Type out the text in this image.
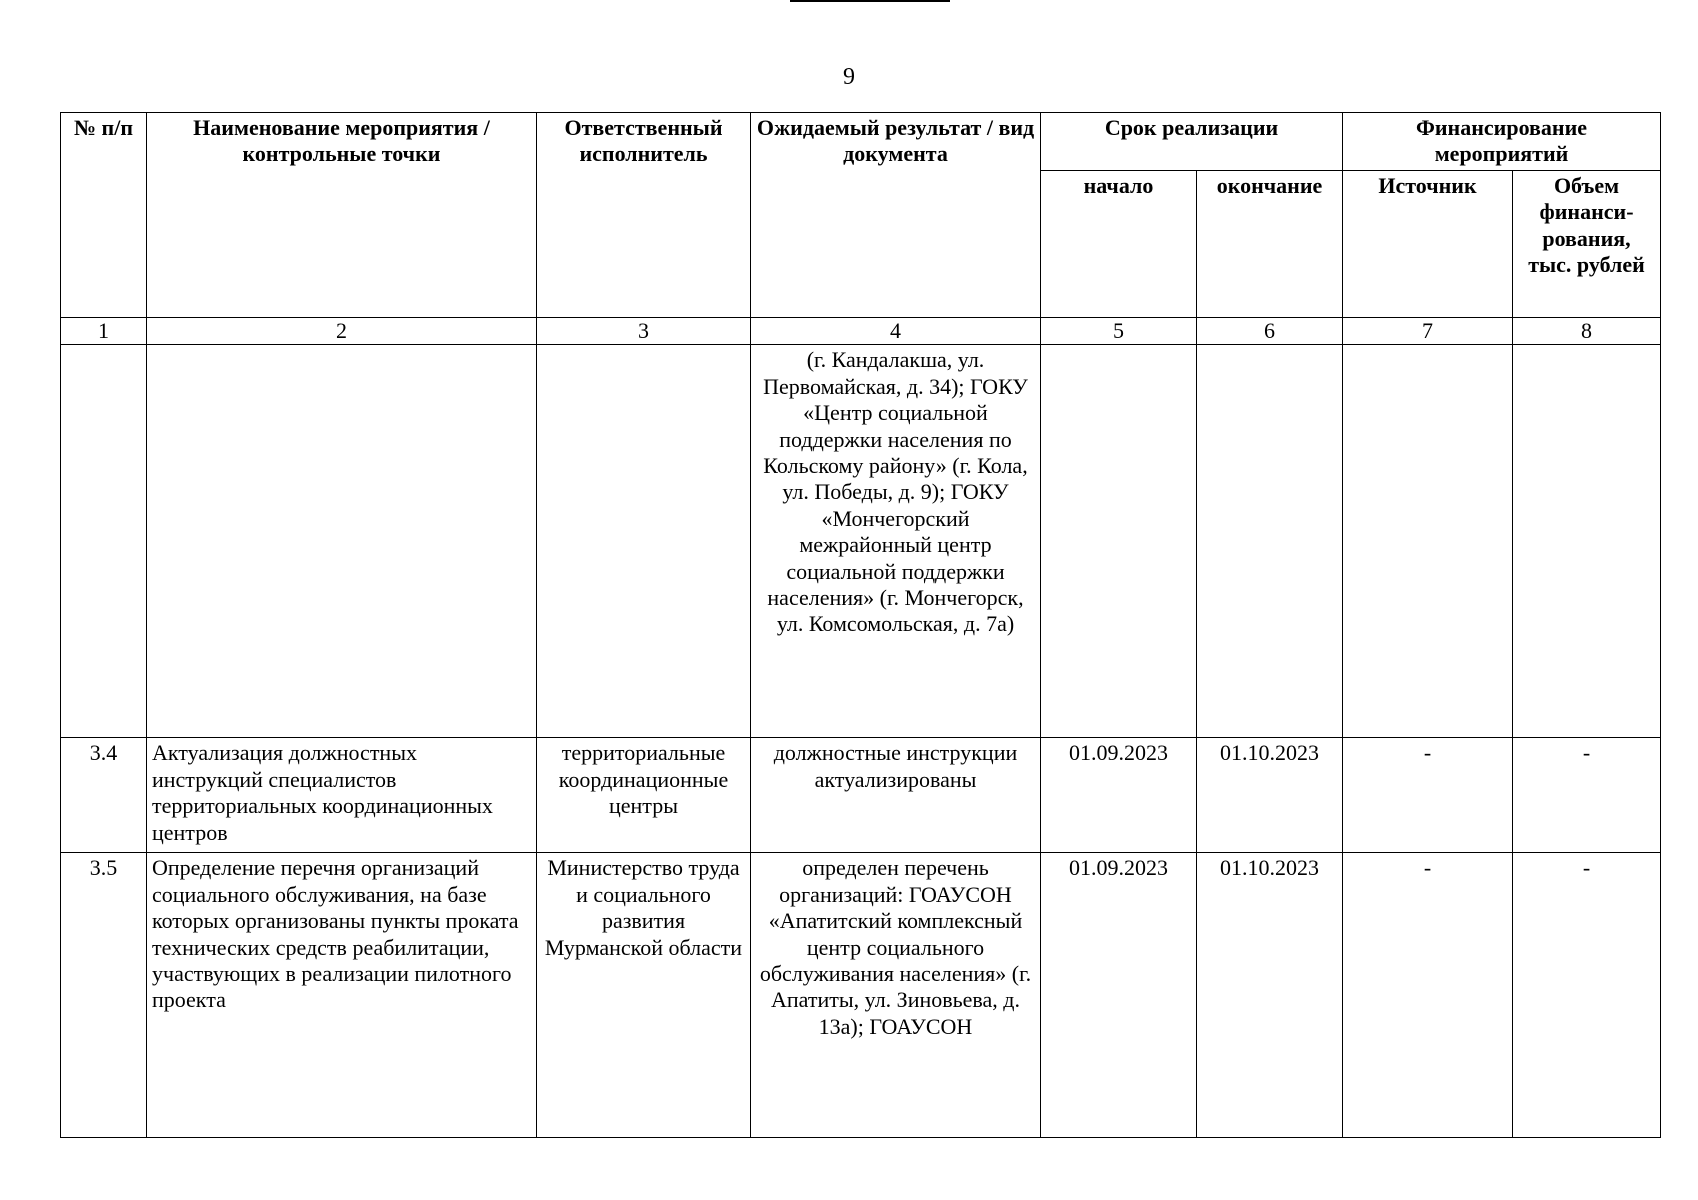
9
№ п/п	Наименование мероприятия / контрольные точки	Ответственный исполнитель	Ожидаемый результат / вид документа	Срок реализации		Финансирование мероприятий	
				начало	окончание	Источник	Объем финанси-рования, тыс. рублей
1	2	3	4	5	6	7	8
			(г. Кандалакша, ул. Первомайская, д. 34); ГОКУ «Центр социальной поддержки населения по Кольскому району» (г. Кола, ул. Победы, д. 9); ГОКУ «Мончегорский межрайонный центр социальной поддержки населения» (г. Мончегорск, ул. Комсомольская, д. 7а)				
3.4	Актуализация должностных инструкций специалистов территориальных координационных центров	территориальные координационные центры	должностные инструкции актуализированы	01.09.2023	01.10.2023	-	-
3.5	Определение перечня организаций социального обслуживания, на базе которых организованы пункты проката технических средств реабилитации, участвующих в реализации пилотного проекта	Министерство труда и социального развития Мурманской области	определен перечень организаций: ГОАУСОН «Апатитский комплексный центр социального обслуживания населения» (г. Апатиты, ул. Зиновьева, д. 13а); ГОАУСОН	01.09.2023	01.10.2023	-	-
